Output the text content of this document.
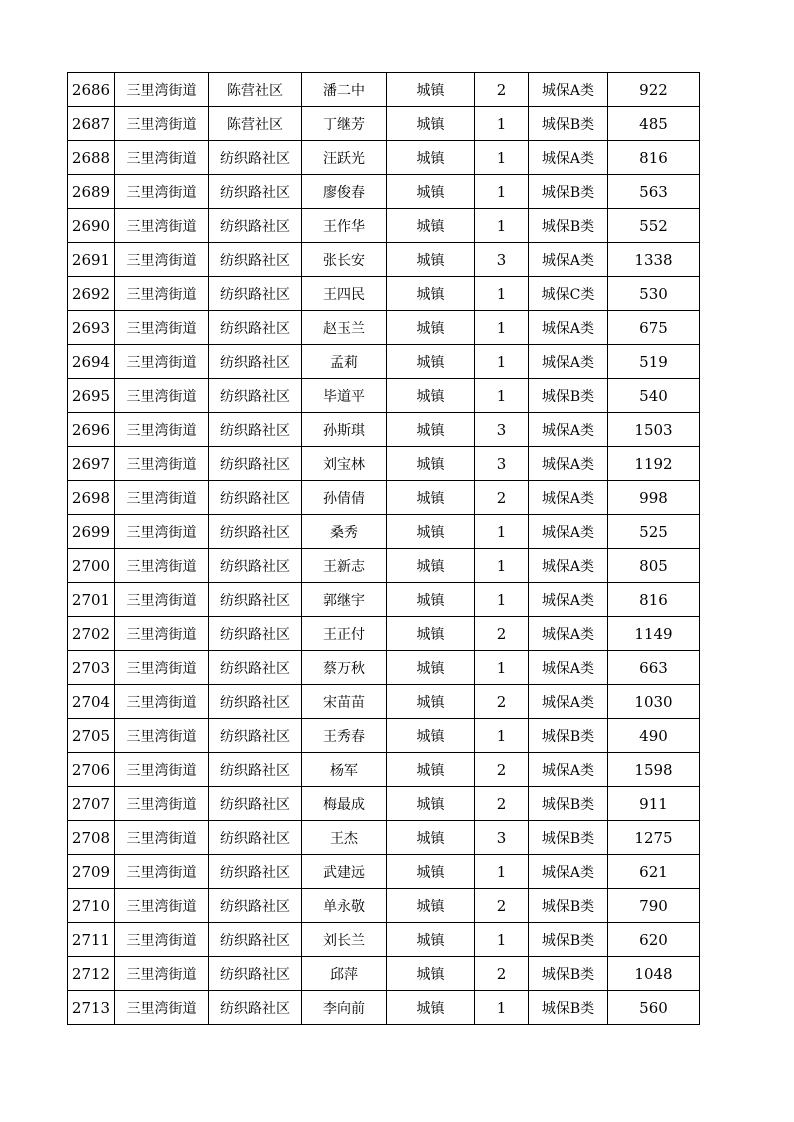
2686	三里湾街道	陈营社区	潘二中	城镇	2	城保A类	922
2687	三里湾街道	陈营社区	丁继芳	城镇	1	城保B类	485
2688	三里湾街道	纺织路社区	汪跃光	城镇	1	城保A类	816
2689	三里湾街道	纺织路社区	廖俊春	城镇	1	城保B类	563
2690	三里湾街道	纺织路社区	王作华	城镇	1	城保B类	552
2691	三里湾街道	纺织路社区	张长安	城镇	3	城保A类	1338
2692	三里湾街道	纺织路社区	王四民	城镇	1	城保C类	530
2693	三里湾街道	纺织路社区	赵玉兰	城镇	1	城保A类	675
2694	三里湾街道	纺织路社区	孟莉	城镇	1	城保A类	519
2695	三里湾街道	纺织路社区	毕道平	城镇	1	城保B类	540
2696	三里湾街道	纺织路社区	孙斯琪	城镇	3	城保A类	1503
2697	三里湾街道	纺织路社区	刘宝林	城镇	3	城保A类	1192
2698	三里湾街道	纺织路社区	孙倩倩	城镇	2	城保A类	998
2699	三里湾街道	纺织路社区	桑秀	城镇	1	城保A类	525
2700	三里湾街道	纺织路社区	王新志	城镇	1	城保A类	805
2701	三里湾街道	纺织路社区	郭继宇	城镇	1	城保A类	816
2702	三里湾街道	纺织路社区	王正付	城镇	2	城保A类	1149
2703	三里湾街道	纺织路社区	蔡万秋	城镇	1	城保A类	663
2704	三里湾街道	纺织路社区	宋苗苗	城镇	2	城保A类	1030
2705	三里湾街道	纺织路社区	王秀春	城镇	1	城保B类	490
2706	三里湾街道	纺织路社区	杨军	城镇	2	城保A类	1598
2707	三里湾街道	纺织路社区	梅最成	城镇	2	城保B类	911
2708	三里湾街道	纺织路社区	王杰	城镇	3	城保B类	1275
2709	三里湾街道	纺织路社区	武建远	城镇	1	城保A类	621
2710	三里湾街道	纺织路社区	单永敬	城镇	2	城保B类	790
2711	三里湾街道	纺织路社区	刘长兰	城镇	1	城保B类	620
2712	三里湾街道	纺织路社区	邱萍	城镇	2	城保B类	1048
2713	三里湾街道	纺织路社区	李向前	城镇	1	城保B类	560
